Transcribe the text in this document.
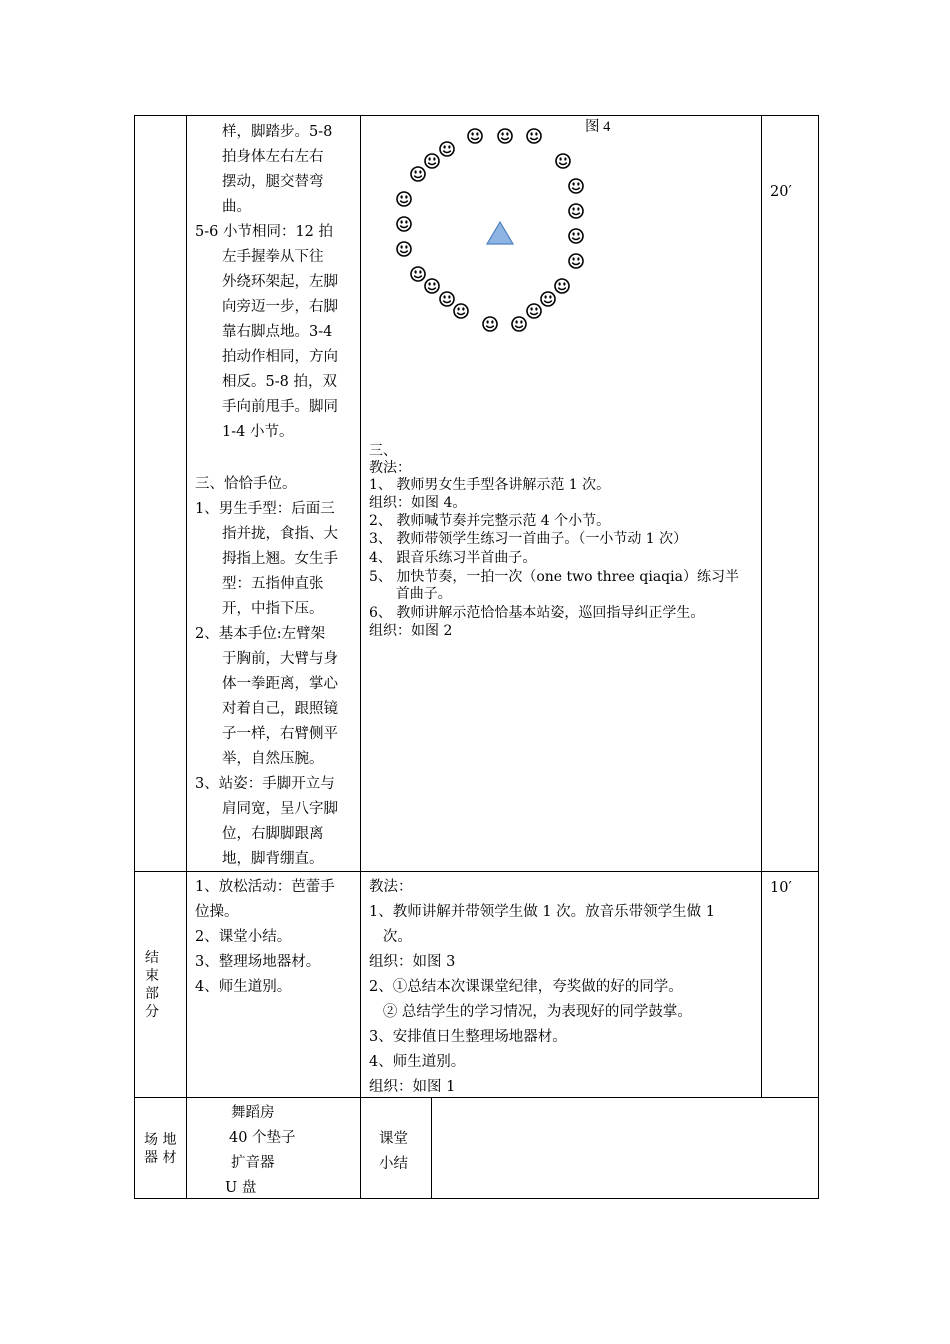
样，脚踏步。5-8
拍身体左右左右
摆动，腿交替弯
曲。
5-6 小节相同：12 拍
左手握拳从下往
外绕环架起，左脚
向旁迈一步，右脚
靠右脚点地。3-4
拍动作相同，方向
相反。5-8 拍，双
手向前甩手。脚同
1-4 小节。
三、恰恰手位。
1、男生手型：后面三
指并拢，食指、大
拇指上翘。女生手
型：五指伸直张
开，中指下压。
2、基本手位:左臂架
于胸前，大臂与身
体一拳距离，掌心
对着自己，跟照镜
子一样，右臂侧平
举，自然压腕。
3、站姿：手脚开立与
肩同宽，呈八字脚
位，右脚脚跟离
地，脚背绷直。
图 4
三、
教法：
1、 教师男女生手型各讲解示范 1 次。
组织：如图 4。
2、 教师喊节奏并完整示范 4 个小节。
3、 教师带领学生练习一首曲子。（一小节动 1 次）
4、 跟音乐练习半首曲子。
5、 加快节奏，一拍一次（one two three qiaqia）练习半
首曲子。
6、 教师讲解示范恰恰基本站姿，巡回指导纠正学生。
组织：如图 2
20′
结
束
部
分
1、放松活动：芭蕾手
位操。
2、课堂小结。
3、整理场地器材。
4、师生道别。
教法：
1、教师讲解并带领学生做 1 次。放音乐带领学生做 1
次。
组织：如图 3
2、①总结本次课课堂纪律，夸奖做的好的同学。
② 总结学生的学习情况，为表现好的同学鼓掌。
3、安排值日生整理场地器材。
4、师生道别。
组织：如图 1
10′
场 地
器 材
舞蹈房
40 个垫子
扩音器
U 盘
课堂
小结
